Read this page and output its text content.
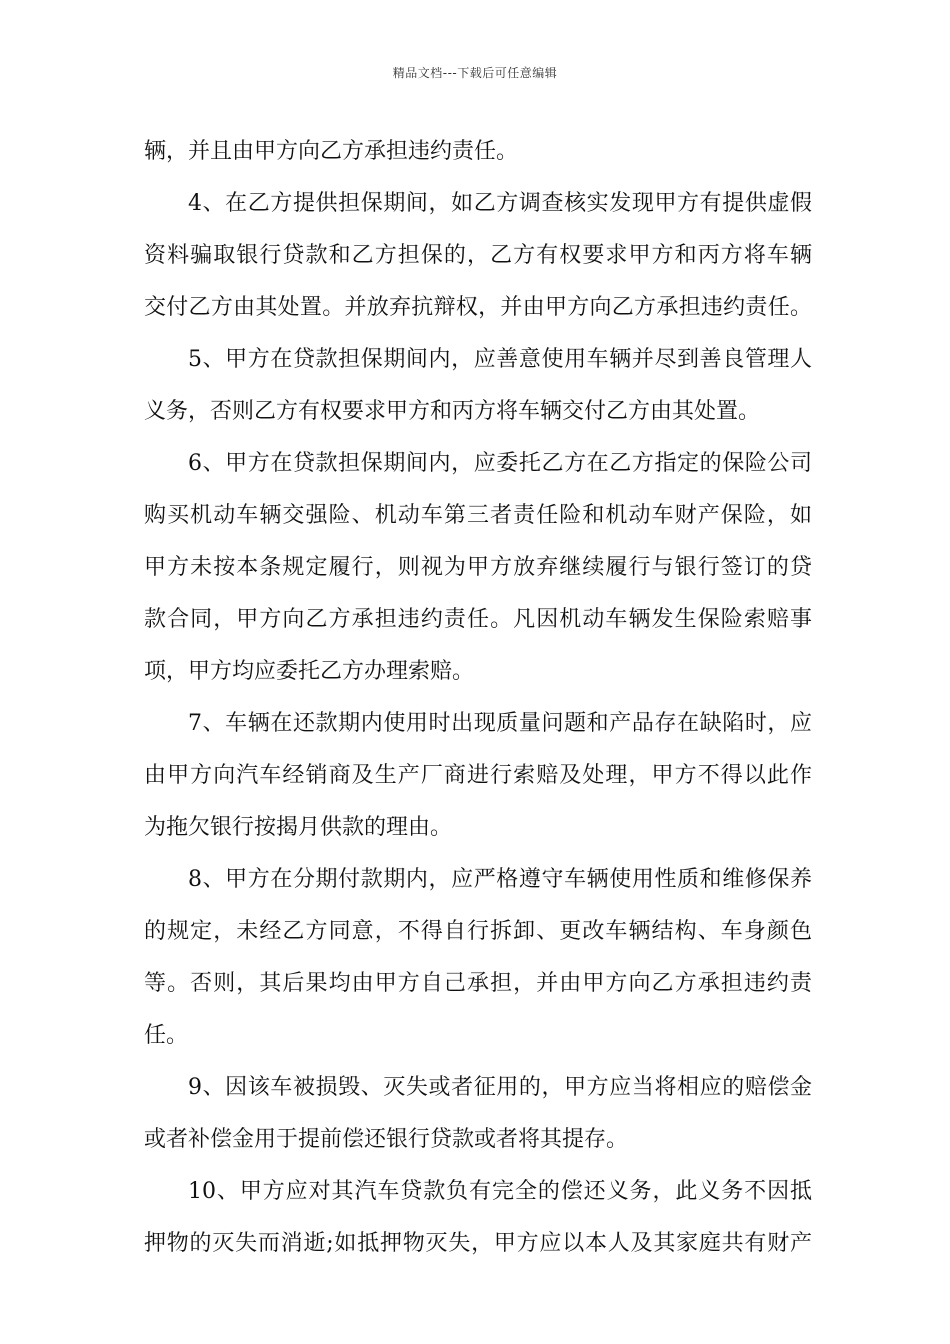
精品文档---下载后可任意编辑
辆，并且由甲方向乙方承担违约责任。
4、在乙方提供担保期间，如乙方调查核实发现甲方有提供虚假
资料骗取银行贷款和乙方担保的，乙方有权要求甲方和丙方将车辆
交付乙方由其处置。并放弃抗辩权，并由甲方向乙方承担违约责任。
5、甲方在贷款担保期间内，应善意使用车辆并尽到善良管理人
义务，否则乙方有权要求甲方和丙方将车辆交付乙方由其处置。
6、甲方在贷款担保期间内，应委托乙方在乙方指定的保险公司
购买机动车辆交强险、机动车第三者责任险和机动车财产保险，如
甲方未按本条规定履行，则视为甲方放弃继续履行与银行签订的贷
款合同，甲方向乙方承担违约责任。凡因机动车辆发生保险索赔事
项，甲方均应委托乙方办理索赔。
7、车辆在还款期内使用时出现质量问题和产品存在缺陷时，应
由甲方向汽车经销商及生产厂商进行索赔及处理，甲方不得以此作
为拖欠银行按揭月供款的理由。
8、甲方在分期付款期内，应严格遵守车辆使用性质和维修保养
的规定，未经乙方同意，不得自行拆卸、更改车辆结构、车身颜色
等。否则，其后果均由甲方自己承担，并由甲方向乙方承担违约责
任。
9、因该车被损毁、灭失或者征用的，甲方应当将相应的赔偿金
或者补偿金用于提前偿还银行贷款或者将其提存。
10、甲方应对其汽车贷款负有完全的偿还义务，此义务不因抵
押物的灭失而消逝;如抵押物灭失，甲方应以本人及其家庭共有财产
